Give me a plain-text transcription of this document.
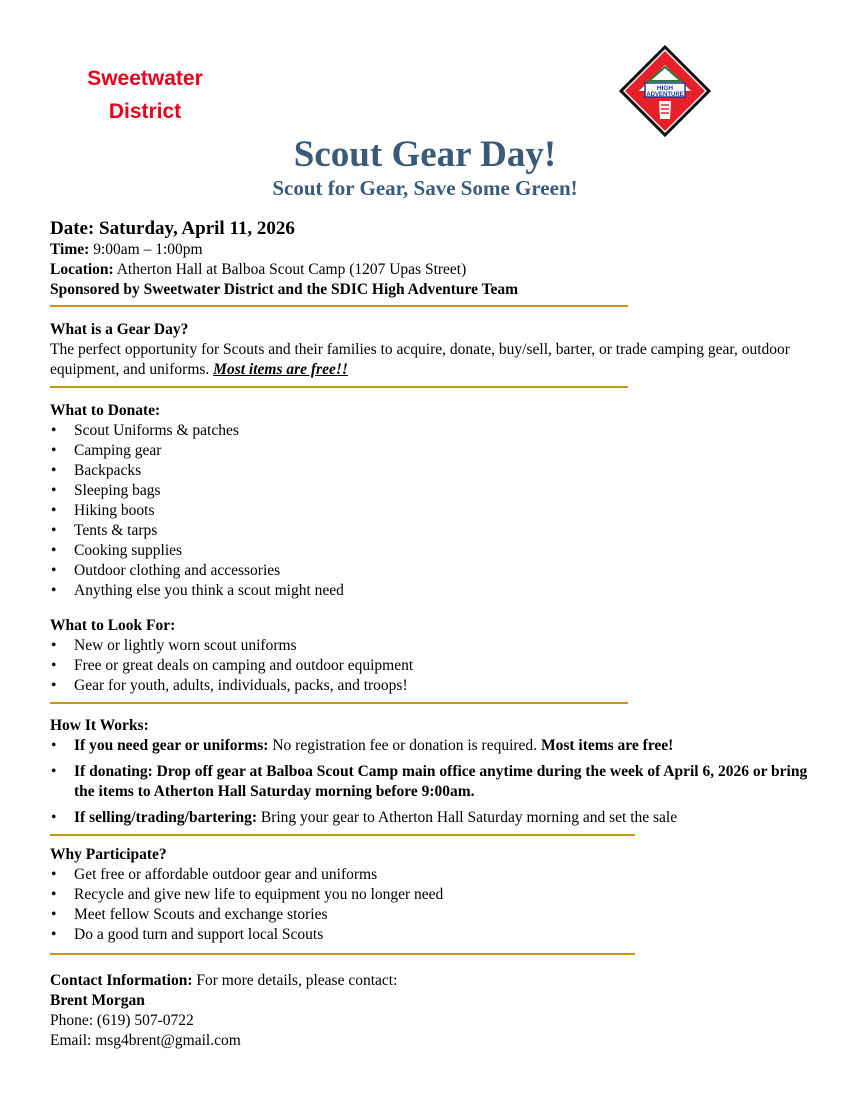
Sweetwater
District
HIGH
ADVENTURE
Scout Gear Day!
Scout for Gear, Save Some Green!
Date: Saturday, April 11, 2026
Time: 9:00am – 1:00pm
Location: Atherton Hall at Balboa Scout Camp (1207 Upas Street)
Sponsored by Sweetwater District and the SDIC High Adventure Team
What is a Gear Day?
The perfect opportunity for Scouts and their families to acquire, donate, buy/sell, barter, or trade camping gear, outdoor equipment, and uniforms. Most items are free!!
What to Donate:
• Scout Uniforms & patches
• Camping gear
• Backpacks
• Sleeping bags
• Hiking boots
• Tents & tarps
• Cooking supplies
• Outdoor clothing and accessories
• Anything else you think a scout might need
What to Look For:
• New or lightly worn scout uniforms
• Free or great deals on camping and outdoor equipment
• Gear for youth, adults, individuals, packs, and troops!
How It Works:
• If you need gear or uniforms: No registration fee or donation is required. Most items are free!
• If donating: Drop off gear at Balboa Scout Camp main office anytime during the week of April 6, 2026 or bring the items to Atherton Hall Saturday morning before 9:00am.
• If selling/trading/bartering: Bring your gear to Atherton Hall Saturday morning and set the sale
Why Participate?
• Get free or affordable outdoor gear and uniforms
• Recycle and give new life to equipment you no longer need
• Meet fellow Scouts and exchange stories
• Do a good turn and support local Scouts
Contact Information: For more details, please contact:
Brent Morgan
Phone: (619) 507-0722
Email: msg4brent@gmail.com
